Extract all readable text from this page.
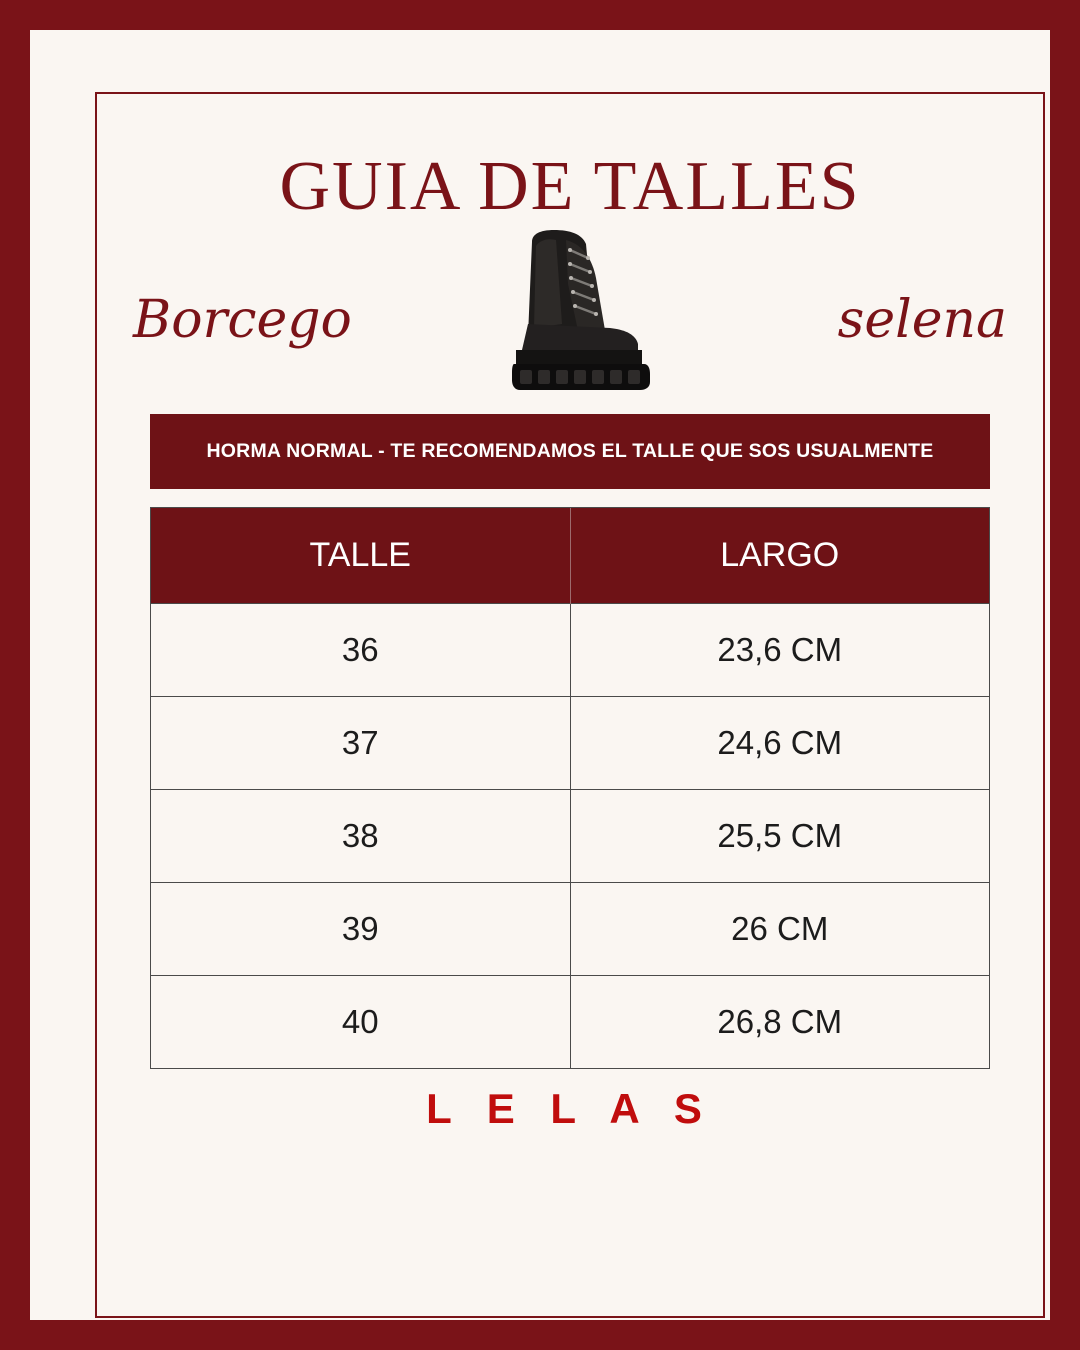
GUIA DE TALLES
Borcego	selena
HORMA NORMAL - TE RECOMENDAMOS EL TALLE QUE SOS USUALMENTE
TALLE	LARGO
36	23,6 CM
37	24,6 CM
38	25,5 CM
39	26 CM
40	26,8 CM
L E L A S
